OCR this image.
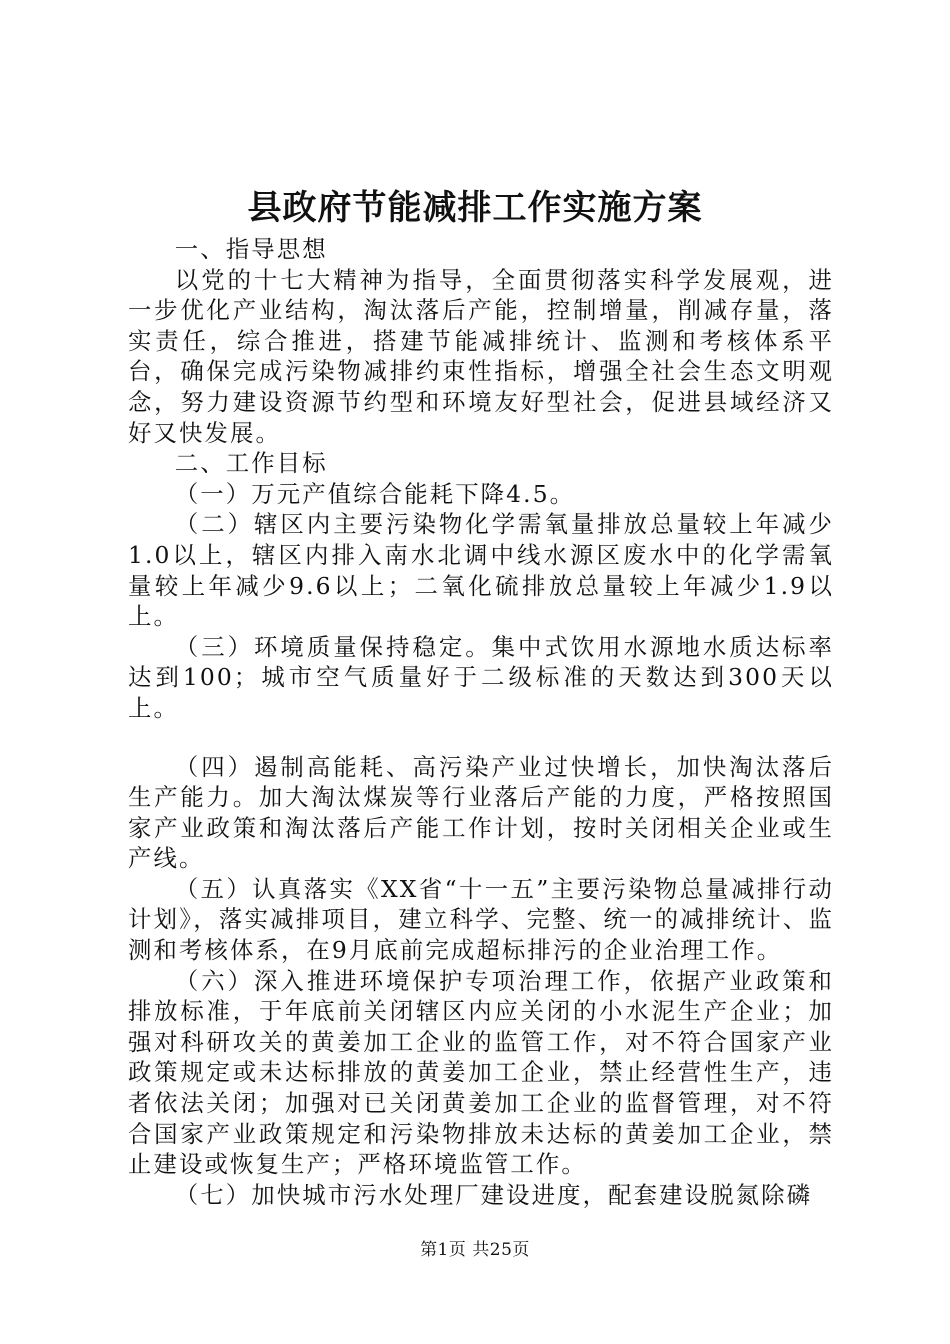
县政府节能减排工作实施方案

一、指导思想

以党的十七大精神为指导，全面贯彻落实科学发展观，进一步优化产业结构，淘汰落后产能，控制增量，削减存量，落实责任，综合推进，搭建节能减排统计、监测和考核体系平台，确保完成污染物减排约束性指标，增强全社会生态文明观念，努力建设资源节约型和环境友好型社会，促进县域经济又好又快发展。

二、工作目标

（一）万元产值综合能耗下降4.5。

（二）辖区内主要污染物化学需氧量排放总量较上年减少1.0以上，辖区内排入南水北调中线水源区废水中的化学需氧量较上年减少9.6以上；二氧化硫排放总量较上年减少1.9以上。

（三）环境质量保持稳定。集中式饮用水源地水质达标率达到100；城市空气质量好于二级标准的天数达到300天以上。

（四）遏制高能耗、高污染产业过快增长，加快淘汰落后生产能力。加大淘汰煤炭等行业落后产能的力度，严格按照国家产业政策和淘汰落后产能工作计划，按时关闭相关企业或生产线。

（五）认真落实《XX省“十一五”主要污染物总量减排行动计划》，落实减排项目，建立科学、完整、统一的减排统计、监测和考核体系，在9月底前完成超标排污的企业治理工作。

（六）深入推进环境保护专项治理工作，依据产业政策和排放标准，于年底前关闭辖区内应关闭的小水泥生产企业；加强对科研攻关的黄姜加工企业的监管工作，对不符合国家产业政策规定或未达标排放的黄姜加工企业，禁止经营性生产，违者依法关闭；加强对已关闭黄姜加工企业的监督管理，对不符合国家产业政策规定和污染物排放未达标的黄姜加工企业，禁止建设或恢复生产；严格环境监管工作。

（七）加快城市污水处理厂建设进度，配套建设脱氮除磷

第1页 共25页
